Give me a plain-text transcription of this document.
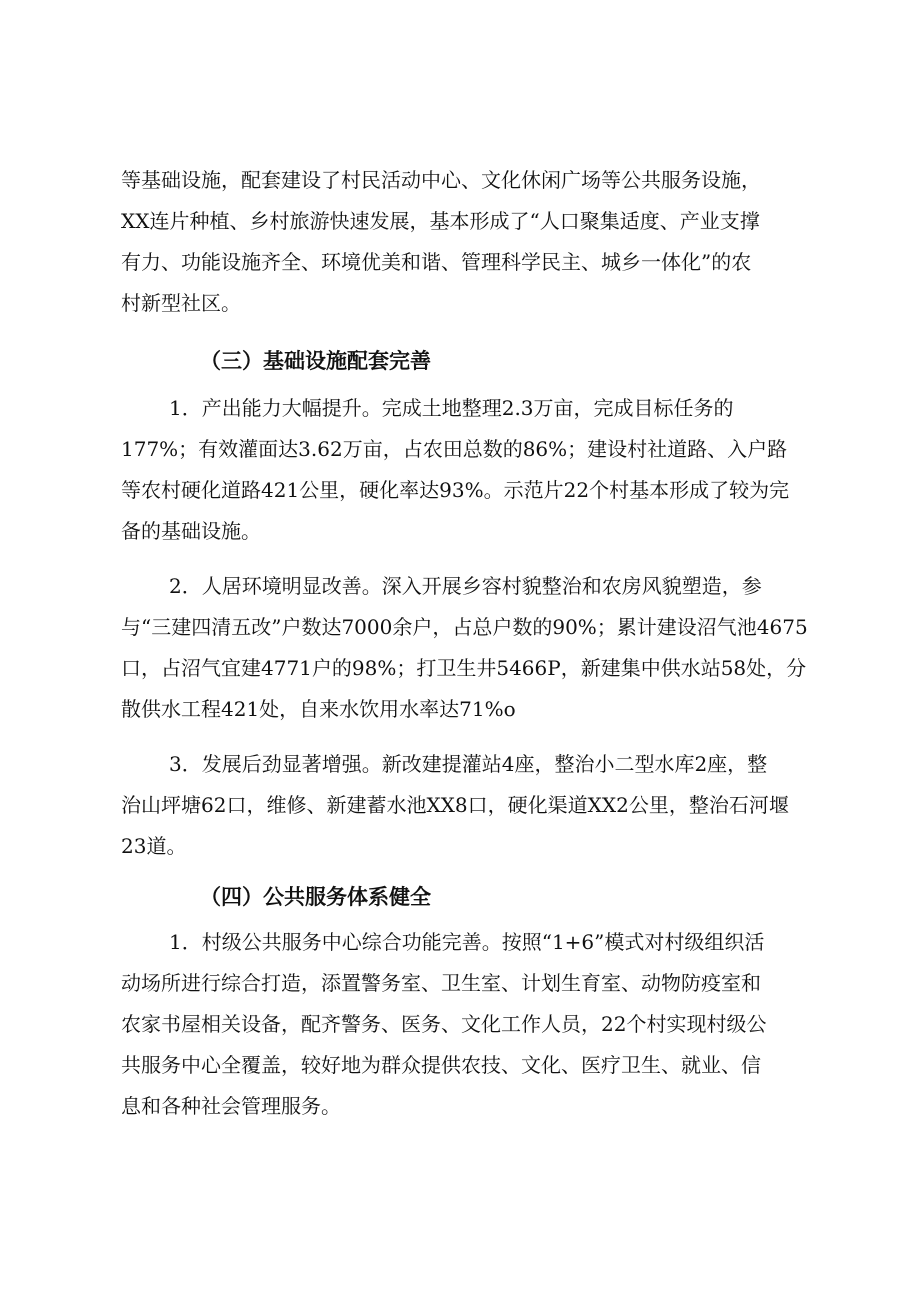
等基础设施，配套建设了村民活动中心、文化休闲广场等公共服务设施，
XX连片种植、乡村旅游快速发展，基本形成了“人口聚集适度、产业支撑
有力、功能设施齐全、环境优美和谐、管理科学民主、城乡一体化”的农
村新型社区。
（三）基础设施配套完善
1．产出能力大幅提升。完成土地整理2.3万亩，完成目标任务的
177%；有效灌面达3.62万亩，占农田总数的86%；建设村社道路、入户路
等农村硬化道路421公里，硬化率达93%。示范片22个村基本形成了较为完
备的基础设施。
2．人居环境明显改善。深入开展乡容村貌整治和农房风貌塑造，参
与“三建四清五改”户数达7000余户，占总户数的90%；累计建设沼气池4675
口，占沼气宜建4771户的98%；打卫生井5466P，新建集中供水站58处，分
散供水工程421处，自来水饮用水率达71%o
3．发展后劲显著增强。新改建提灌站4座，整治小二型水库2座，整
治山坪塘62口，维修、新建蓄水池XX8口，硬化渠道XX2公里，整治石河堰
23道。
（四）公共服务体系健全
1．村级公共服务中心综合功能完善。按照“1+6”模式对村级组织活
动场所进行综合打造，添置警务室、卫生室、计划生育室、动物防疫室和
农家书屋相关设备，配齐警务、医务、文化工作人员，22个村实现村级公
共服务中心全覆盖，较好地为群众提供农技、文化、医疗卫生、就业、信
息和各种社会管理服务。
